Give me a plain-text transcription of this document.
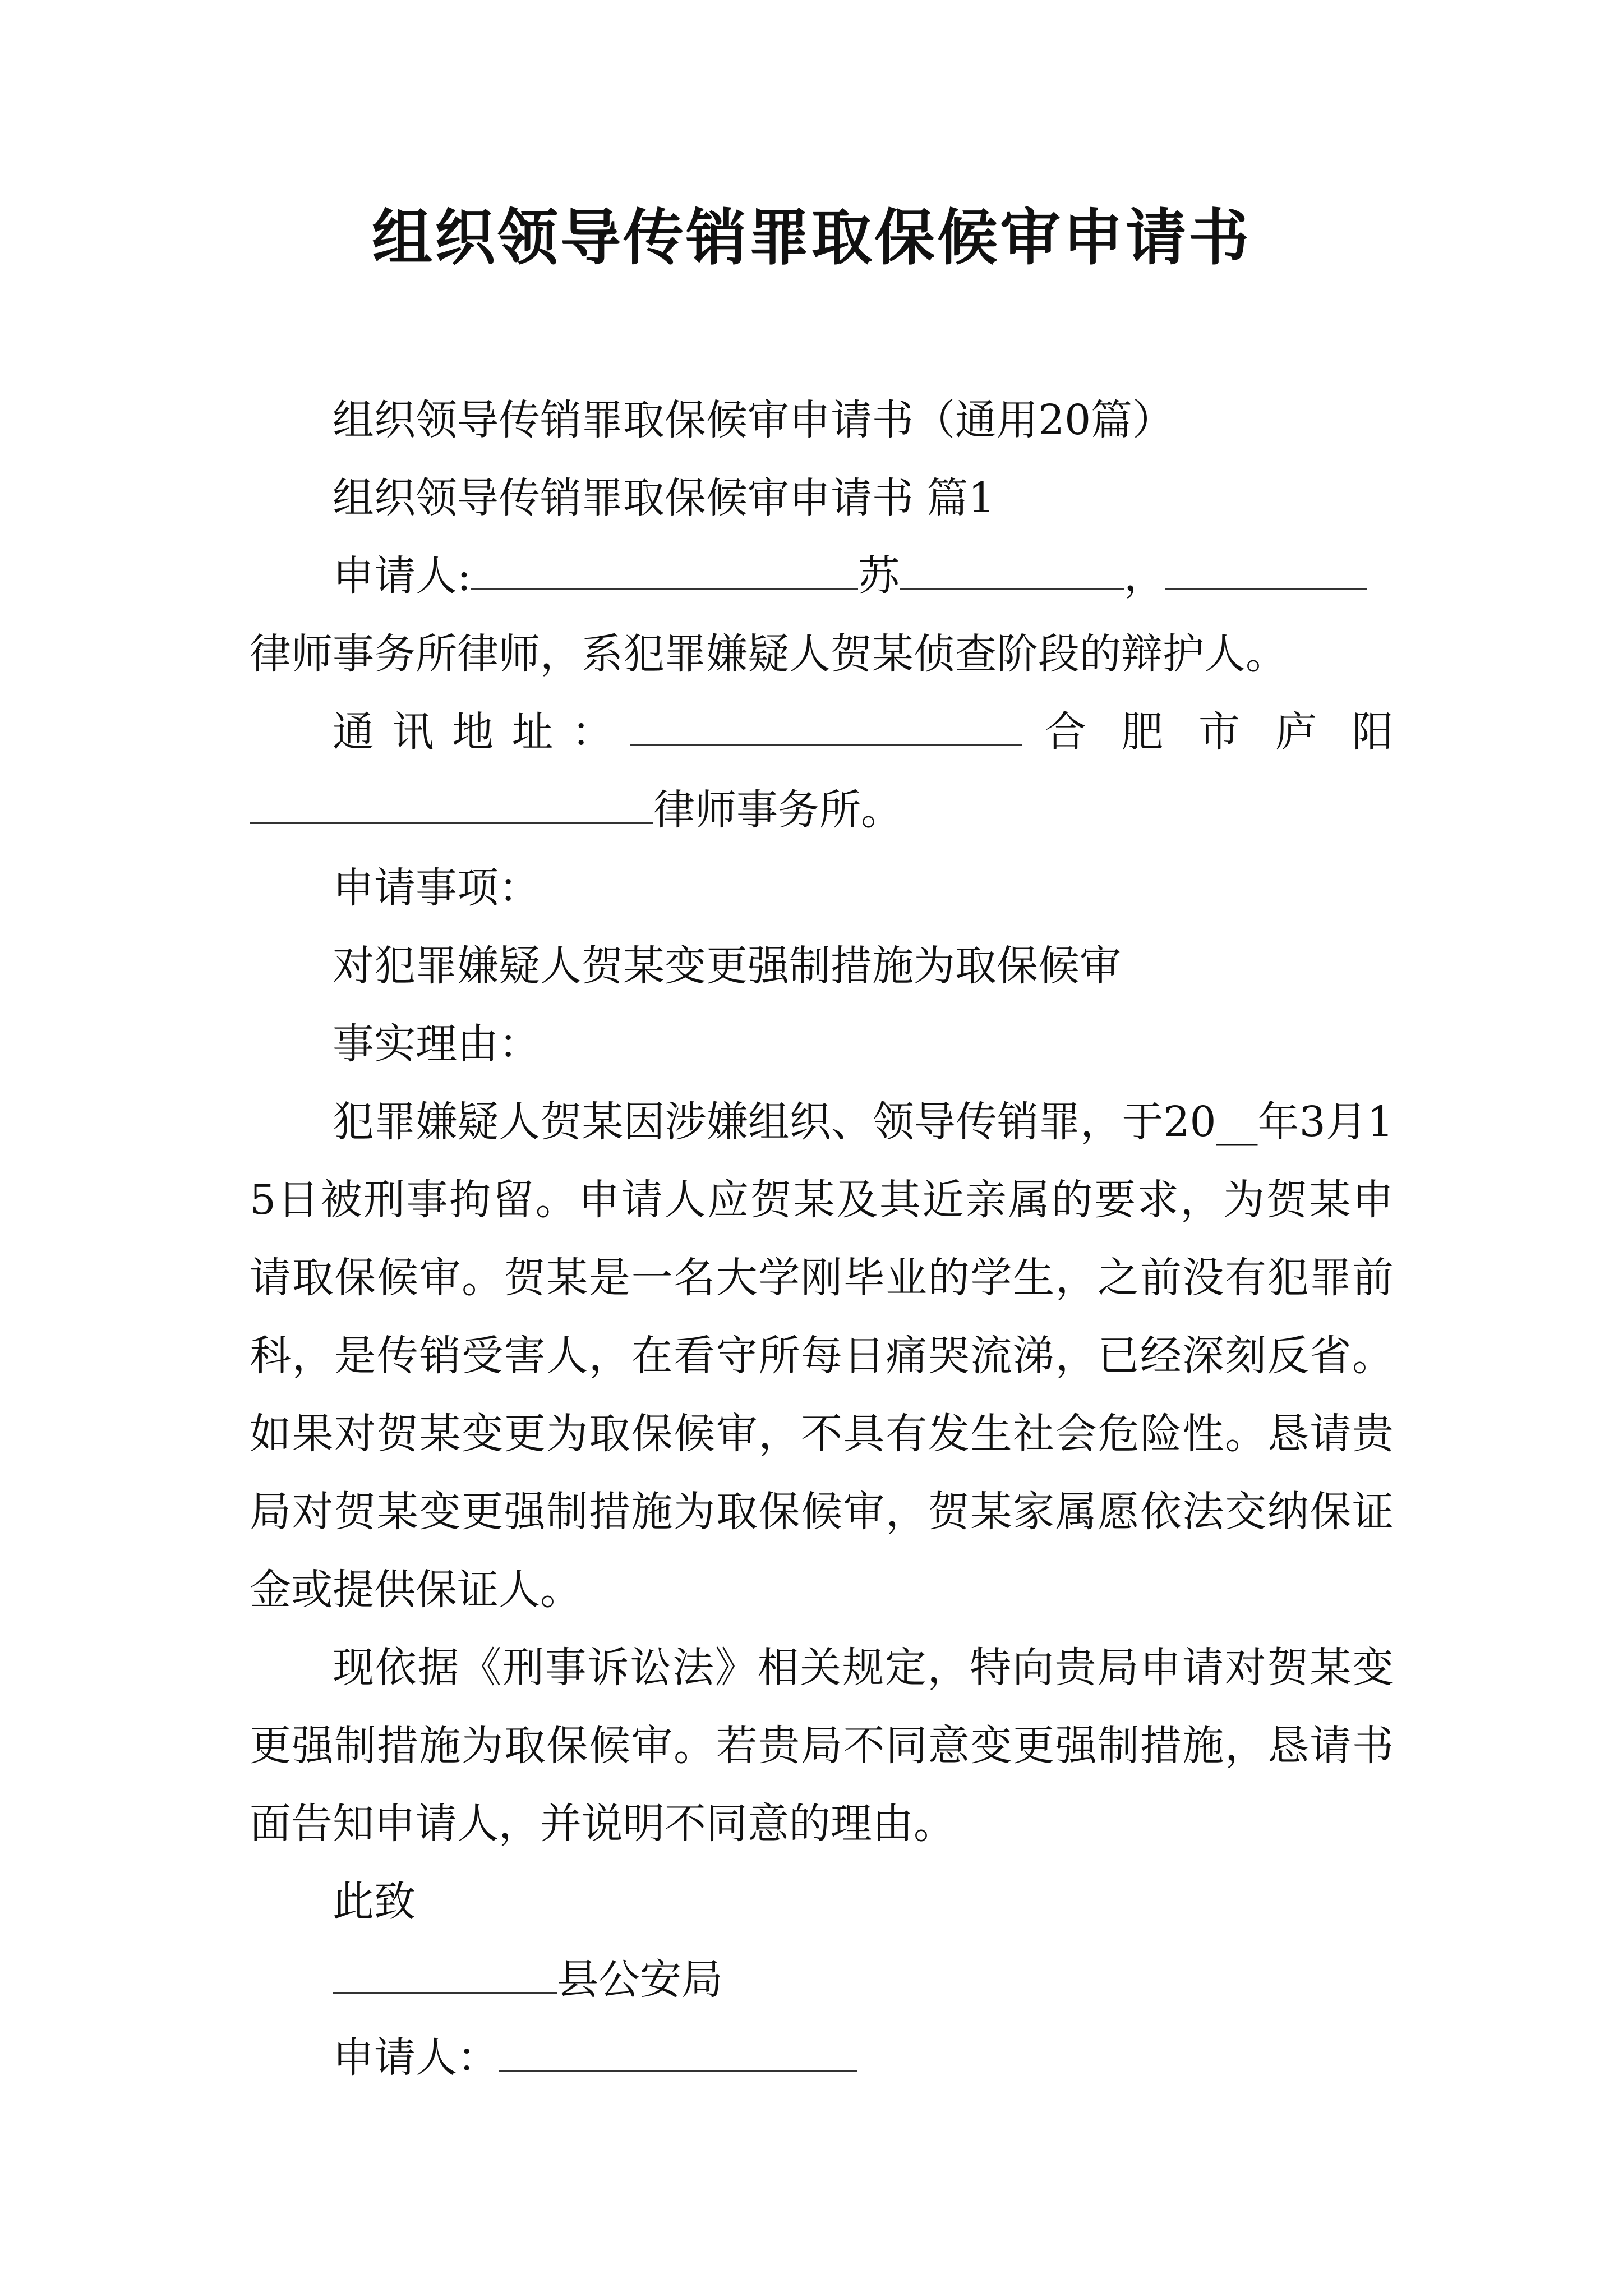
组织领导传销罪取保候审申请书

组织领导传销罪取保候审申请书（通用20篇）

组织领导传销罪取保候审申请书 篇1

申请人:	苏	，

律师事务所律师，系犯罪嫌疑人贺某侦查阶段的辩护人。

通 讯 地 址 ：	合 肥 市 庐 阳

律师事务所。

申请事项：

对犯罪嫌疑人贺某变更强制措施为取保候审

事实理由：

犯罪嫌疑人贺某因涉嫌组织、领导传销罪，于20__年3月15日被刑事拘留。申请人应贺某及其近亲属的要求，为贺某申请取保候审。贺某是一名大学刚毕业的学生，之前没有犯罪前科，是传销受害人，在看守所每日痛哭流涕，已经深刻反省。如果对贺某变更为取保候审，不具有发生社会危险性。恳请贵局对贺某变更强制措施为取保候审，贺某家属愿依法交纳保证金或提供保证人。

现依据《刑事诉讼法》相关规定，特向贵局申请对贺某变更强制措施为取保候审。若贵局不同意变更强制措施，恳请书面告知申请人，并说明不同意的理由。

此致

县公安局

申请人：
